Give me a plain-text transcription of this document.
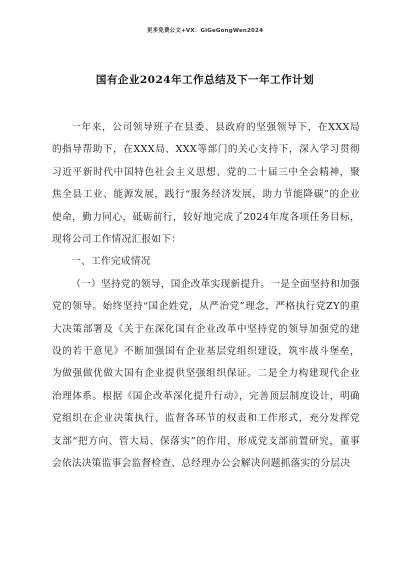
更多免费公文+VX：GiGeGongWen2024
国有企业2024年工作总结及下一年工作计划

一年来，公司领导班子在县委、县政府的坚强领导下，在XXX局的指导帮助下，在XXX局、XXX等部门的关心支持下，深入学习贯彻习近平新时代中国特色社会主义思想、党的二十届三中全会精神，聚焦全县工业、能源发展，践行“服务经济发展，助力节能降碳”的企业使命，勤力同心，砥砺前行，较好地完成了2024年度各项任务目标，现将公司工作情况汇报如下：

一、工作完成情况

（一）坚持党的领导，国企改革实现新提升。一是全面坚持和加强党的领导。始终坚持“国企姓党，从严治党”理念，严格执行党ZY的重大决策部署及《关于在深化国有企业改革中坚持党的领导加强党的建设的若干意见》不断加强国有企业基层党组织建设，筑牢战斗堡垒，为做强做优做大国有企业提供坚强组织保证。二是全力构建现代企业治理体系。根据《国企改革深化提升行动》，完善顶层制度设计，明确党组织在企业决策执行、监督各环节的权责和工作形式，充分发挥党支部“把方向、管大局、保落实”的作用，形成党支部前置研究，董事会依法决策监事会监督检查、总经理办公会解决问题抓落实的分层决
